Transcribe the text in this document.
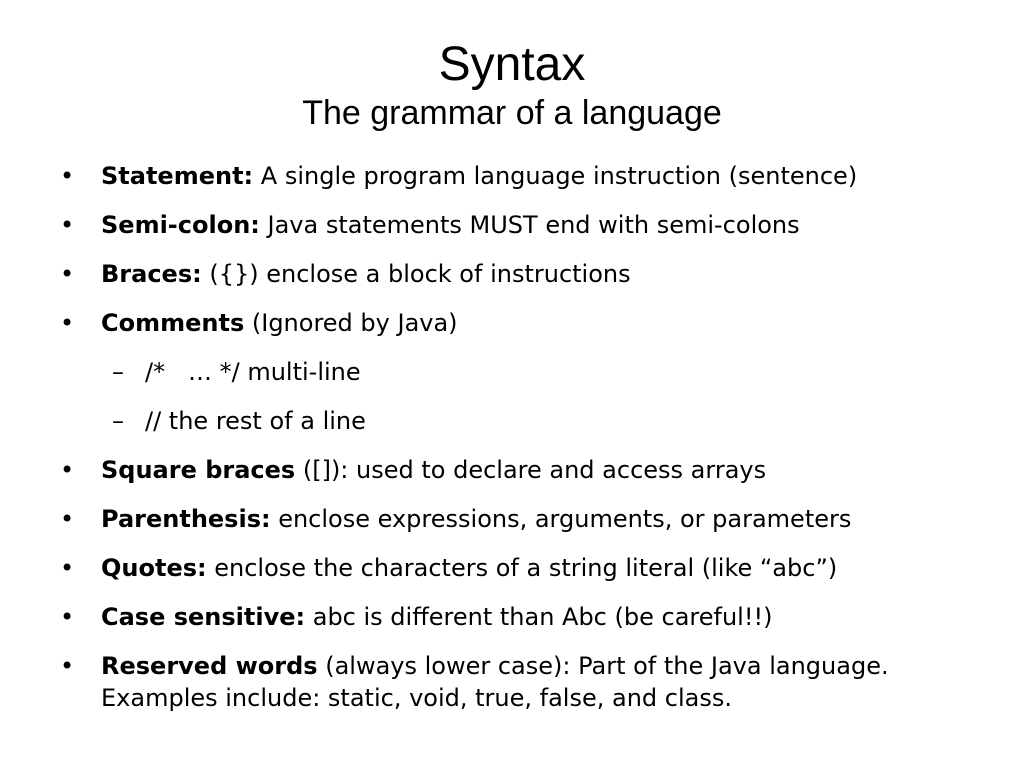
Syntax
The grammar of a language
• Statement: A single program language instruction (sentence)
• Semi-colon: Java statements MUST end with semi-colons
• Braces: ({}) enclose a block of instructions
• Comments (Ignored by Java)
– /*   … */ multi-line
– // the rest of a line
• Square braces ([]): used to declare and access arrays
• Parenthesis: enclose expressions, arguments, or parameters
• Quotes: enclose the characters of a string literal (like “abc”)
• Case sensitive: abc is different than Abc (be careful!!)
• Reserved words (always lower case): Part of the Java language. Examples include: static, void, true, false, and class.
